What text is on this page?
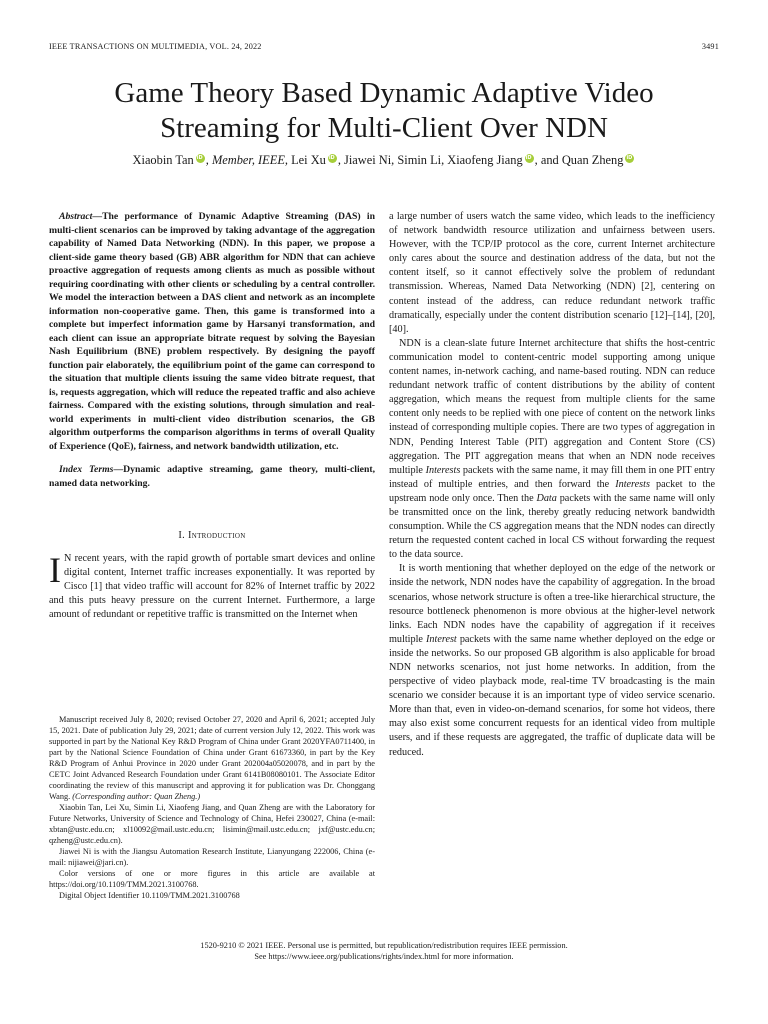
IEEE TRANSACTIONS ON MULTIMEDIA, VOL. 24, 2022	3491
Game Theory Based Dynamic Adaptive Video
Streaming for Multi-Client Over NDN
Xiaobin Tan iD , Member, IEEE, Lei Xu iD , Jiawei Ni, Simin Li, Xiaofeng Jiang iD , and Quan ZhengiD

Abstract—The performance of Dynamic Adaptive Streaming (DAS) in multi-client scenarios can be improved by taking advantage of the aggregation capability of Named Data Networking (NDN). In this paper, we propose a client-side game theory based (GB) ABR algorithm for NDN that can achieve proactive aggregation of requests among clients as much as possible without requiring coordinating with other clients or scheduling by a central controller. We model the interaction between a DAS client and network as an incomplete information non-cooperative game. Then, this game is transformed into a complete but imperfect information game by Harsanyi transformation, and each client can issue an appropriate bitrate request by solving the Bayesian Nash Equilibrium (BNE) problem respectively. By designing the payoff function pair elaborately, the equilibrium point of the game can correspond to the situation that multiple clients issuing the same video bitrate request, that is, requests aggregation, which will reduce the repeated traffic and also achieve fairness. Compared with the existing solutions, through simulation and real-world experiments in multi-client video distribution scenarios, the GB algorithm outperforms the comparison algorithms in terms of overall Quality of Experience (QoE), fairness, and network bandwidth utilization, etc.

Index Terms—Dynamic adaptive streaming, game theory, multi-client, named data networking.

I. Introduction

I N recent years, with the rapid growth of portable smart devices and online digital content, Internet traffic increases exponentially. It was reported by Cisco [1] that video traffic will account for 82% of Internet traffic by 2022 and this puts heavy pressure on the current Internet. Furthermore, a large amount of redundant or repetitive traffic is transmitted on the Internet when

Manuscript received July 8, 2020; revised October 27, 2020 and April 6, 2021; accepted July 15, 2021. Date of publication July 29, 2021; date of current version July 12, 2022. This work was supported in part by the National Key R&D Program of China under Grant 2020YFA0711400, in part by the National Science Foundation of China under Grant 61673360, in part by the Key R&D Program of Anhui Province in 2020 under Grant 202004a05020078, and in part by the CETC Joint Advanced Research Foundation under Grant 6141B08080101. The Associate Editor coordinating the review of this manuscript and approving it for publication was Dr. Chonggang Wang. (Corresponding author: Quan Zheng.)

Xiaobin Tan, Lei Xu, Simin Li, Xiaofeng Jiang, and Quan Zheng are with the Laboratory for Future Networks, University of Science and Technology of China, Hefei 230027, China (e-mail: xbtan@ustc.edu.cn; xl10092@mail.ustc.edu.cn; lisimin@mail.ustc.edu.cn; jxf@ustc.edu.cn; qzheng@ustc.edu.cn).

Jiawei Ni is with the Jiangsu Automation Research Institute, Lianyungang 222006, China (e-mail: nijiawei@jari.cn).

Color versions of one or more figures in this article are available at https://doi.org/10.1109/TMM.2021.3100768.

Digital Object Identifier 10.1109/TMM.2021.3100768

a large number of users watch the same video, which leads to the inefficiency of network bandwidth resource utilization and unfairness between users. However, with the TCP/IP protocol as the core, current Internet architecture only cares about the source and destination address of the data, but not the content itself, so it cannot effectively solve the problem of redundant transmission. Whereas, Named Data Networking (NDN) [2], centering on content instead of the address, can reduce redundant network traffic dramatically, especially under the content distribution scenario [12]–[14], [20], [40].

NDN is a clean-slate future Internet architecture that shifts the host-centric communication model to content-centric model supporting among unique content names, in-network caching, and name-based routing. NDN can reduce redundant network traffic of content distributions by the ability of content aggregation, which means the request from multiple clients for the same content only needs to be replied with one piece of content on the network links instead of corresponding multiple copies. There are two types of aggregation in NDN, Pending Interest Table (PIT) aggregation and Content Store (CS) aggregation. The PIT aggregation means that when an NDN node receives multiple Interests packets with the same name, it may fill them in one PIT entry instead of multiple entries, and then forward the Interests packet to the upstream node only once. Then the Data packets with the same name will only be transmitted once on the link, thereby greatly reducing network bandwidth consumption. While the CS aggregation means that the NDN nodes can directly return the requested content cached in local CS without forwarding the request to the data source.

It is worth mentioning that whether deployed on the edge of the network or inside the network, NDN nodes have the capability of aggregation. In the broad scenarios, whose network structure is often a tree-like hierarchical structure, the resource bottleneck phenomenon is more obvious at the higher-level network links. Each NDN nodes have the capability of aggregation if it receives multiple Interest packets with the same name whether deployed on the edge or inside the networks. So our proposed GB algorithm is also applicable for broad NDN networks scenarios, not just home networks. In addition, from the perspective of video playback mode, real-time TV broadcasting is the main scenario we consider because it is an important type of video service scenario. More than that, even in video-on-demand scenarios, for some hot videos, there may also exist some concurrent requests for an identical video from multiple users, and if these requests are aggregated, the traffic of duplicate data will be reduced.

1520-9210 © 2021 IEEE. Personal use is permitted, but republication/redistribution requires IEEE permission.
See https://www.ieee.org/publications/rights/index.html for more information.
